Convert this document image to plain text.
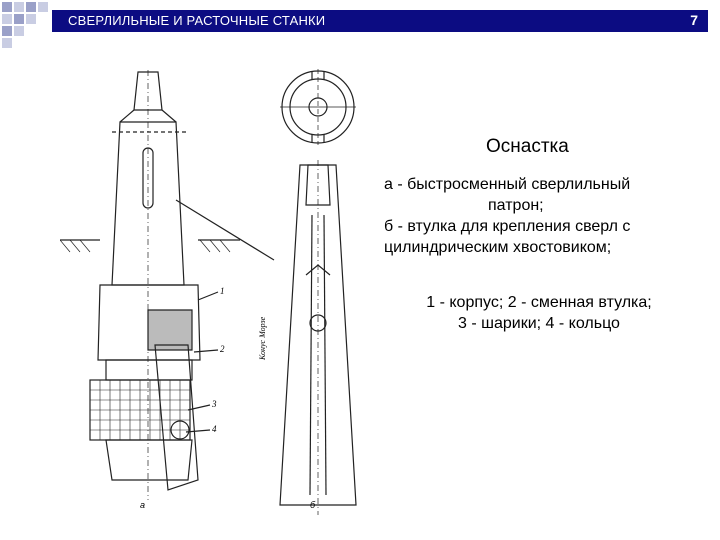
СВЕРЛИЛЬНЫЕ И РАСТОЧНЫЕ СТАНКИ	7
1
2
3
4
Конус Морзе
Оснастка
а - быстросменный сверлильный
патрон;
б - втулка для крепления сверл с
цилиндрическим хвостовиком;
1 - корпус; 2 - сменная втулка;
3 - шарики; 4 - кольцо
а	б
